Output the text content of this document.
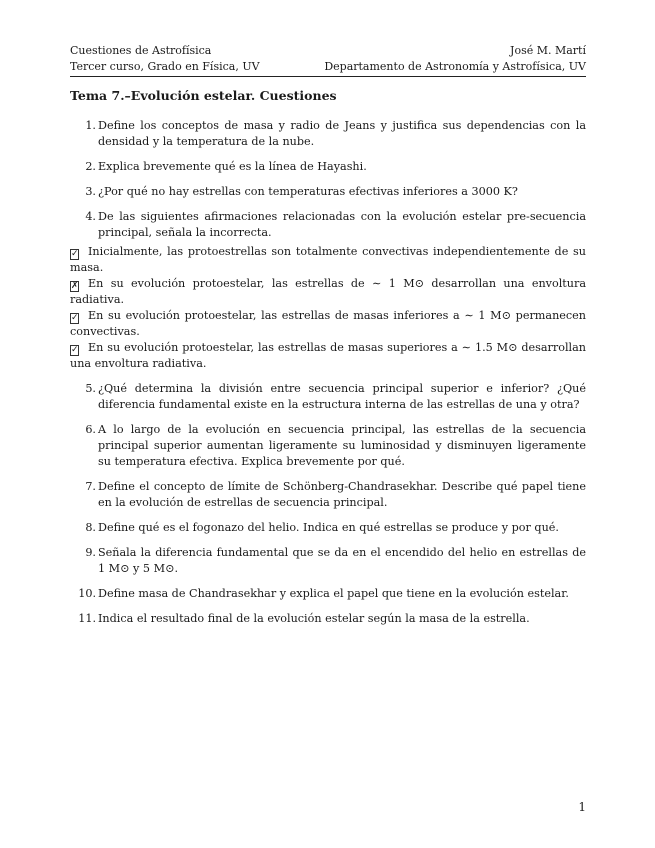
Cuestiones de Astrofísica	José M. Martí
Tercer curso, Grado en Física, UV	Departamento de Astronomía y Astrofísica, UV
Tema 7.–Evolución estelar. Cuestiones
1. Define los conceptos de masa y radio de Jeans y justifica sus dependencias con la densidad y la temperatura de la nube.
2. Explica brevemente qué es la línea de Hayashi.
3. ¿Por qué no hay estrellas con temperaturas efectivas inferiores a 3000 K?
4. De las siguientes afirmaciones relacionadas con la evolución estelar pre-secuencia principal, señala la incorrecta.
✓ Inicialmente, las protoestrellas son totalmente convectivas independientemente de su masa.
✗ En su evolución protoestelar, las estrellas de ∼ 1 M⊙ desarrollan una envoltura radiativa.
✓ En su evolución protoestelar, las estrellas de masas inferiores a ∼ 1 M⊙ permanecen convectivas.
✓ En su evolución protoestelar, las estrellas de masas superiores a ∼ 1.5 M⊙ desarrollan una envoltura radiativa.
5. ¿Qué determina la división entre secuencia principal superior e inferior? ¿Qué diferencia fundamental existe en la estructura interna de las estrellas de una y otra?
6. A lo largo de la evolución en secuencia principal, las estrellas de la secuencia principal superior aumentan ligeramente su luminosidad y disminuyen ligeramente su temperatura efectiva. Explica brevemente por qué.
7. Define el concepto de límite de Schönberg-Chandrasekhar. Describe qué papel tiene en la evolución de estrellas de secuencia principal.
8. Define qué es el fogonazo del helio. Indica en qué estrellas se produce y por qué.
9. Señala la diferencia fundamental que se da en el encendido del helio en estrellas de 1 M⊙ y 5 M⊙.
10. Define masa de Chandrasekhar y explica el papel que tiene en la evolución estelar.
11. Indica el resultado final de la evolución estelar según la masa de la estrella.
1
